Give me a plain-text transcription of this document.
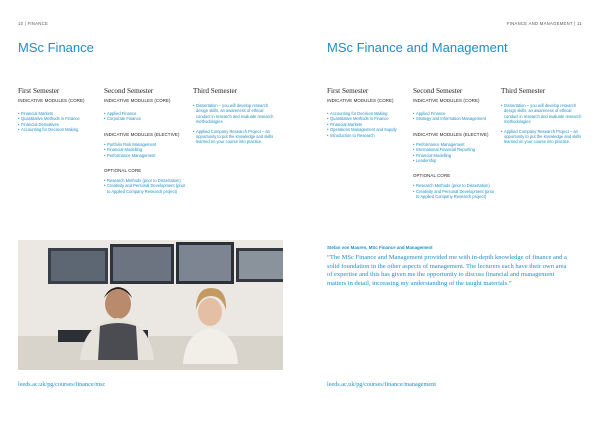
10 | FINANCE
MSc Finance
First Semester
INDICATIVE MODULES (CORE)
• Financial Markets
• Quantitative Methods in Finance
• Financial Derivatives
• Accounting for Decision Making
Second Semester
INDICATIVE MODULES (CORE)
• Applied Finance
• Corporate Finance
INDICATIVE MODULES (ELECTIVE)
• Portfolio Risk Management
• Financial Modelling
• Performance Management
OPTIONAL CORE
• Research Methods (prior to Dissertation)
• Creativity and Personal Development (prior to Applied Company Research project)
Third Semester
• Dissertation – you will develop research design skills, an awareness of ethical conduct in research and evaluate research methodologies
• Applied Company Research Project – an opportunity to put the knowledge and skills learned on your course into practice.
leeds.ac.uk/pg/courses/finance/msc
FINANCE AND MANAGEMENT | 11
MSc Finance and Management
First Semester
INDICATIVE MODULES (CORE)
• Accounting for Decision Making
• Quantitative Methods in Finance
• Financial Markets
• Operations Management and Supply
• Introduction to Research
Second Semester
INDICATIVE MODULES (CORE)
• Applied Finance
• Strategy and Information Management
INDICATIVE MODULES (ELECTIVE)
• Performance Management
• International Financial Reporting
• Financial Modelling
• Leadership
OPTIONAL CORE
• Research Methods (prior to Dissertation)
• Creativity and Personal Development (prior to Applied Company Research project)
Third Semester
• Dissertation – you will develop research design skills, an awareness of ethical conduct in research and evaluate research methodologies
• Applied Company Research Project – an opportunity to put the knowledge and skills learned on your course into practice.
Stefan von Mauren, MSc Finance and Management

“The MSc Finance and Management provided me with in-depth knowledge of finance and a solid foundation in the other aspects of management. The lecturers each have their own area of expertise and this has given me the opportunity to discuss financial and management matters in detail, increasing my understanding of the taught materials.”

leeds.ac.uk/pg/courses/finance/management
